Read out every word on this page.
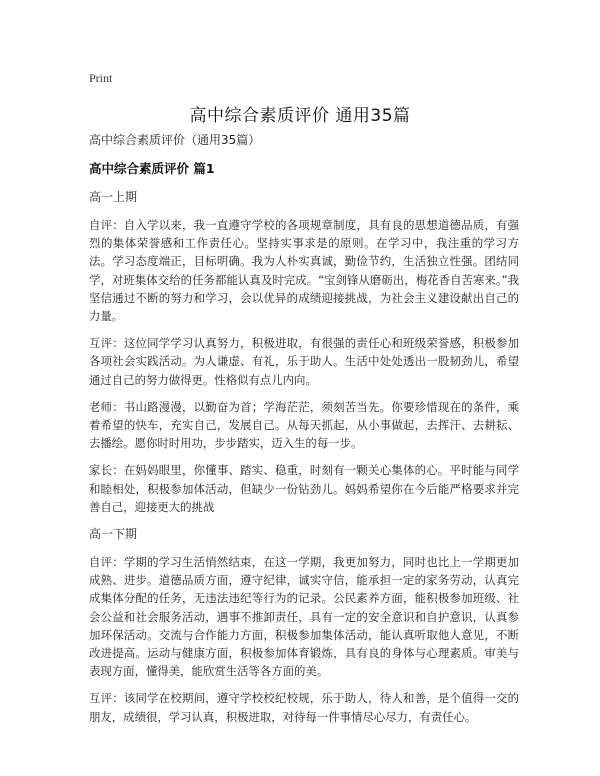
Print
高中综合素质评价 通用35篇
高中综合素质评价（通用35篇）
高中综合素质评价 篇1
高一上期

自评：自入学以来，我一直遵守学校的各项规章制度，具有良的思想道德品质，有强烈的集体荣誉感和工作责任心。坚持实事求是的原则。在学习中，我注重的学习方法。学习态度端正，目标明确。我为人朴实真诚，勤俭节约，生活独立性强。团结同学，对班集体交给的任务都能认真及时完成。“宝剑锋从磨砺出，梅花香自苦寒来。”我坚信通过不断的努力和学习，会以优异的成绩迎接挑战，为社会主义建设献出自己的力量。

互评：这位同学学习认真努力，积极进取，有很强的责任心和班级荣誉感，积极参加各项社会实践活动。为人谦虚、有礼，乐于助人。生活中处处透出一股韧劲儿，希望通过自己的努力做得更。性格似有点儿内向。

老师：书山路漫漫，以勤奋为首；学海茫茫，须刻苦当先。你要珍惜现在的条件，乘着希望的快车，充实自己，发展自己。从每天抓起，从小事做起，去挥汗、去耕耘、去播绘。愿你时时用功，步步踏实，迈入生的每一步。

家长：在妈妈眼里，你懂事、踏实、稳重，时刻有一颗关心集体的心。平时能与同学和睦相处，积极参加体活动，但缺少一份钻劲儿。妈妈希望你在今后能严格要求并完善自己，迎接更大的挑战

高一下期

自评：学期的学习生活悄然结束，在这一学期，我更加努力，同时也比上一学期更加成熟、进步。道德品质方面，遵守纪律，诚实守信，能承担一定的家务劳动，认真完成集体分配的任务，无违法违纪等行为的记录。公民素养方面，能积极参加班级、社会公益和社会服务活动，遇事不推卸责任，具有一定的安全意识和自护意识，认真参加环保活动。交流与合作能力方面，积极参加集体活动，能认真听取他人意见，不断改进提高。运动与健康方面，积极参加体育锻炼，具有良的身体与心理素质。审美与表现方面，懂得美，能欣赏生活等各方面的美。

互评：该同学在校期间，遵守学校校纪校规，乐于助人，待人和善，是个值得一交的朋友，成绩很，学习认真，积极进取，对待每一件事情尽心尽力，有责任心。
